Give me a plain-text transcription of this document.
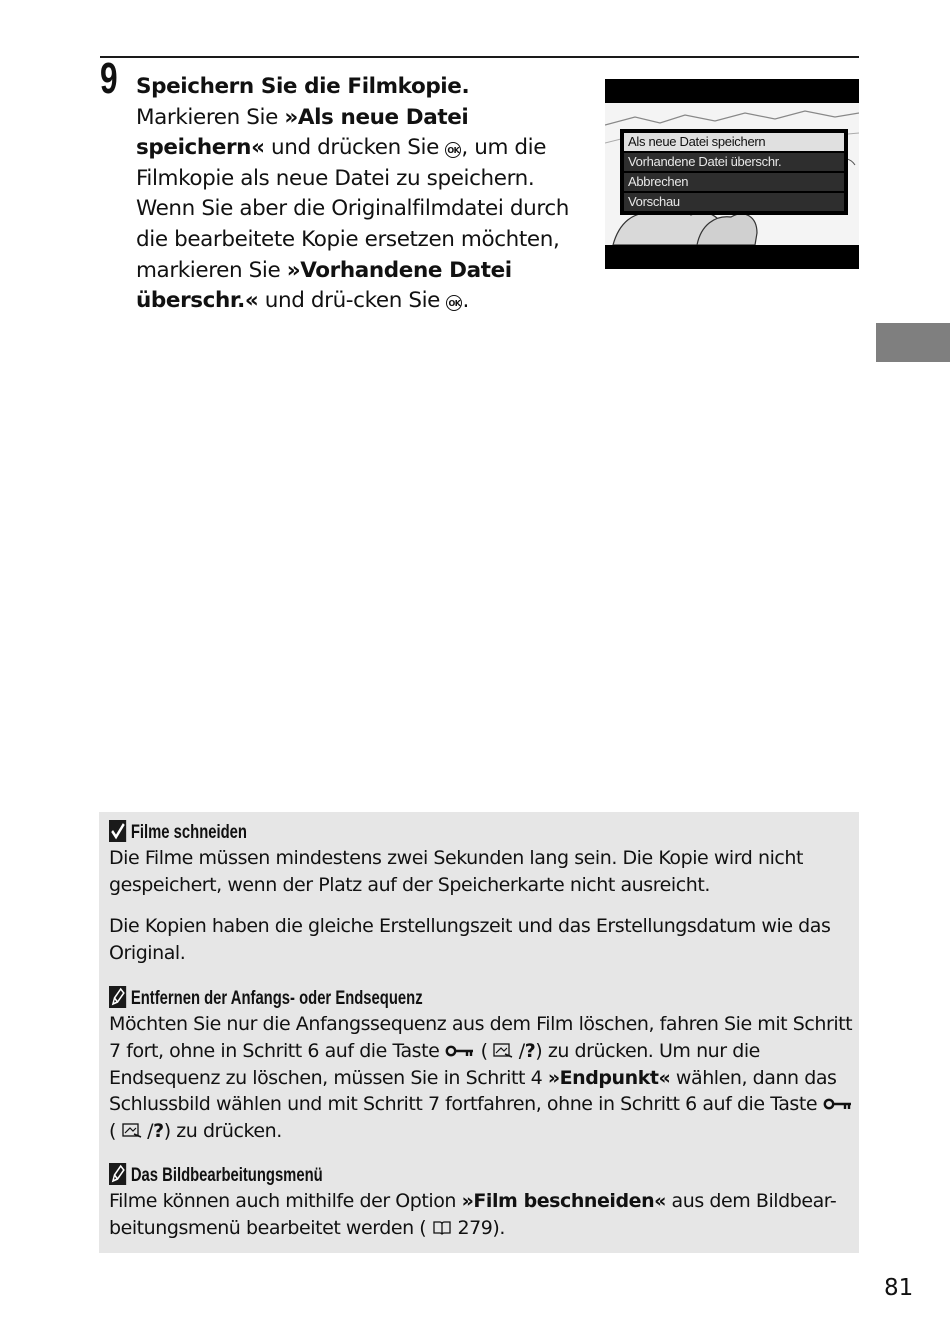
9 Speichern Sie die Filmkopie.
Markieren Sie »Als neue Datei speichern« und drücken Sie OK, um die Filmkopie als neue Datei zu speichern. Wenn Sie aber die Originalfilmdatei durch die bearbeitete Kopie ersetzen möchten, markieren Sie »Vorhandene Datei überschr.« und drü-cken Sie OK.
Als neue Datei speichern
Vorhandene Datei überschr.
Abbrechen
Vorschau
Filme schneiden
Die Filme müssen mindestens zwei Sekunden lang sein. Die Kopie wird nicht gespeichert, wenn der Platz auf der Speicherkarte nicht ausreicht.
Die Kopien haben die gleiche Erstellungszeit und das Erstellungsdatum wie das Original.
Entfernen der Anfangs- oder Endsequenz
Möchten Sie nur die Anfangssequenz aus dem Film löschen, fahren Sie mit Schritt 7 fort, ohne in Schritt 6 auf die Taste  ( /?) zu drücken. Um nur die Endsequenz zu löschen, müssen Sie in Schritt 4 »Endpunkt« wählen, dann das Schlussbild wählen und mit Schritt 7 fortfahren, ohne in Schritt 6 auf die Taste  ( /?) zu drücken.
Das Bildbearbeitungsmenü
Filme können auch mithilfe der Option »Film beschneiden« aus dem Bildbear-beitungsmenü bearbeitet werden ( 279).
81
